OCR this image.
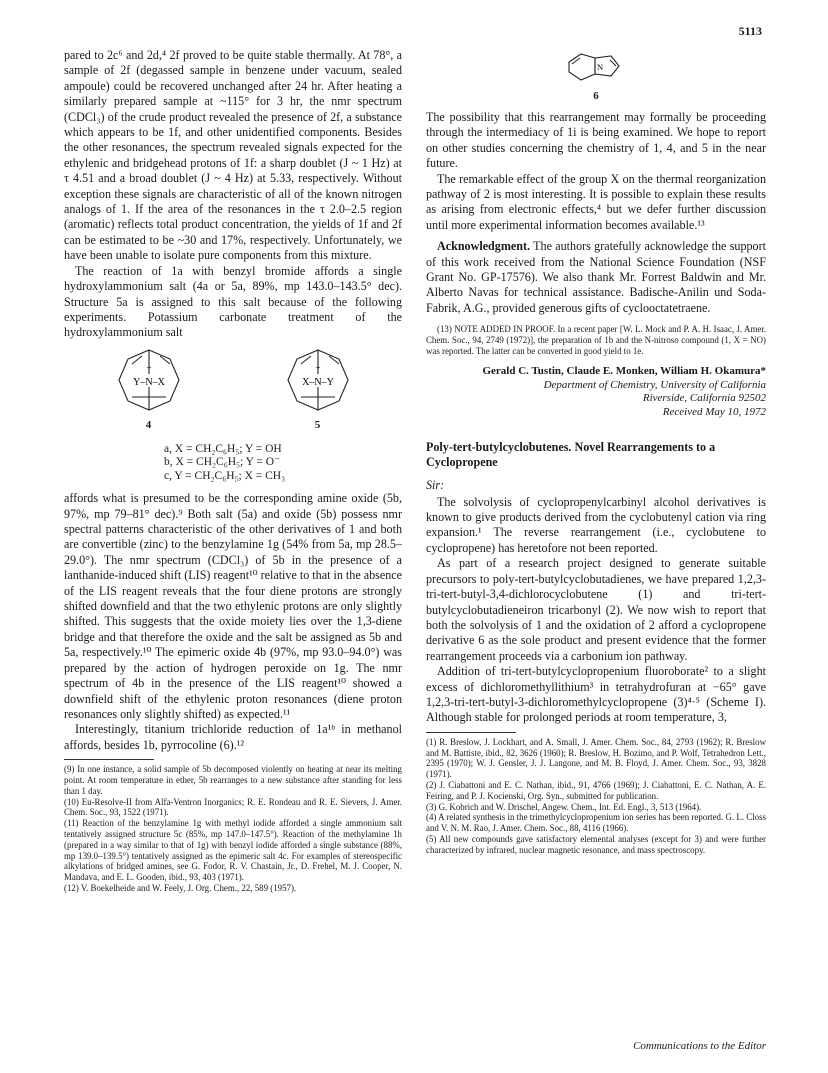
5113

pared to 2c⁶ and 2d,⁴ 2f proved to be quite stable thermally. At 78°, a sample of 2f (degassed sample in benzene under vacuum, sealed ampoule) could be recovered unchanged after 24 hr. After heating a similarly prepared sample at ~115° for 3 hr, the nmr spectrum (CDCl₃) of the crude product revealed the presence of 2f, a substance which appears to be 1f, and other unidentified components. Besides the other resonances, the spectrum revealed signals expected for the ethylenic and bridgehead protons of 1f: a sharp doublet (J ~ 1 Hz) at τ 4.51 and a broad doublet (J ~ 4 Hz) at 5.33, respectively. Without exception these signals are characteristic of all of the known nitrogen analogs of 1. If the area of the resonances in the τ 2.0–2.5 region (aromatic) reflects total product concentration, the yields of 1f and 2f can be estimated to be ~30 and 17%, respectively. Unfortunately, we have been unable to isolate pure components from this mixture.

The reaction of 1a with benzyl bromide affords a single hydroxylammonium salt (4a or 5a, 89%, mp 143.0–143.5° dec). Structure 5a is assigned to this salt because of the following experiments. Potassium carbonate treatment of the hydroxylammonium salt

+
Y–N–X
4
+
X–N–Y
5
a, X = CH₂C₆H₅; Y = OH
b, X = CH₂C₆H₅; Y = O⁻
c, Y = CH₂C₆H₅; X = CH₃

affords what is presumed to be the corresponding amine oxide (5b, 97%, mp 79–81° dec).⁹ Both salt (5a) and oxide (5b) possess nmr spectral patterns characteristic of the other derivatives of 1 and both are convertible (zinc) to the benzylamine 1g (54% from 5a, mp 28.5–29.0°). The nmr spectrum (CDCl₃) of 5b in the presence of a lanthanide-induced shift (LIS) reagent¹⁰ relative to that in the absence of the LIS reagent reveals that the four diene protons are strongly shifted downfield and that the two ethylenic protons are only slightly shifted. This suggests that the oxide moiety lies over the 1,3-diene bridge and that therefore the oxide and the salt be assigned as 5b and 5a, respectively.¹⁰ The epimeric oxide 4b (97%, mp 93.0–94.0°) was prepared by the action of hydrogen peroxide on 1g. The nmr spectrum of 4b in the presence of the LIS reagent¹⁰ showed a downfield shift of the ethylenic proton resonances (diene proton resonances only slightly shifted) as expected.¹¹

Interestingly, titanium trichloride reduction of 1a¹ᵇ in methanol affords, besides 1b, pyrrocoline (6).¹²

(9) In one instance, a solid sample of 5b decomposed violently on heating at near its melting point. At room temperature in ether, 5b rearranges to a new substance after standing for less than 1 day.

(10) Eu-Resolve-II from Alfa-Ventron Inorganics; R. E. Rondeau and R. E. Sievers, J. Amer. Chem. Soc., 93, 1522 (1971).

(11) Reaction of the benzylamine 1g with methyl iodide afforded a single ammonium salt tentatively assigned structure 5c (85%, mp 147.0–147.5°). Reaction of the methylamine 1h (prepared in a way similar to that of 1g) with benzyl iodide afforded a single substance (88%, mp 139.0–139.5°) tentatively assigned as the epimeric salt 4c. For examples of stereospecific alkylations of bridged amines, see G. Fodor, R. V. Chastain, Jr., D. Frehel, M. J. Cooper, N. Mandava, and E. L. Gooden, ibid., 93, 403 (1971).

(12) V. Boekelheide and W. Feely, J. Org. Chem., 22, 589 (1957).

N
6

The possibility that this rearrangement may formally be proceeding through the intermediacy of 1i is being examined. We hope to report on other studies concerning the chemistry of 1, 4, and 5 in the near future.

The remarkable effect of the group X on the thermal reorganization pathway of 2 is most interesting. It is possible to explain these results as arising from electronic effects,⁴ but we defer further discussion until more experimental information becomes available.¹³

Acknowledgment. The authors gratefully acknowledge the support of this work received from the National Science Foundation (NSF Grant No. GP-17576). We also thank Mr. Forrest Baldwin and Mr. Alberto Navas for technical assistance. Badische-Anilin und Soda-Fabrik, A.G., provided generous gifts of cyclooctatetraene.

(13) NOTE ADDED IN PROOF. In a recent paper [W. L. Mock and P. A. H. Isaac, J. Amer. Chem. Soc., 94, 2749 (1972)], the preparation of 1b and the N-nitroso compound (1, X = NO) was reported. The latter can be converted in good yield to 1e.

Gerald C. Tustin, Claude E. Monken, William H. Okamura*
Department of Chemistry, University of California
Riverside, California 92502
Received May 10, 1972
Poly-tert-butylcyclobutenes. Novel Rearrangements to a Cyclopropene
Sir:

The solvolysis of cyclopropenylcarbinyl alcohol derivatives is known to give products derived from the cyclobutenyl cation via ring expansion.¹ The reverse rearrangement (i.e., cyclobutene to cyclopropene) has heretofore not been reported.

As part of a research project designed to generate suitable precursors to poly-tert-butylcyclobutadienes, we have prepared 1,2,3-tri-tert-butyl-3,4-dichlorocyclobutene (1) and tri-tert-butylcyclobutadieneiron tricarbonyl (2). We now wish to report that both the solvolysis of 1 and the oxidation of 2 afford a cyclopropene derivative 6 as the sole product and present evidence that the former rearrangement proceeds via a carbonium ion pathway.

Addition of tri-tert-butylcyclopropenium fluoroborate² to a slight excess of dichloromethyllithium³ in tetrahydrofuran at −65° gave 1,2,3-tri-tert-butyl-3-dichloromethylcyclopropene (3)⁴·⁵ (Scheme I). Although stable for prolonged periods at room temperature, 3,

(1) R. Breslow, J. Lockhart, and A. Small, J. Amer. Chem. Soc., 84, 2793 (1962); R. Breslow and M. Battiste, ibid., 82, 3626 (1960); R. Breslow, H. Bozimo, and P. Wolf, Tetrahedron Lett., 2395 (1970); W. J. Gensler, J. J. Langone, and M. B. Floyd, J. Amer. Chem. Soc., 93, 3828 (1971).

(2) J. Ciabattoni and E. C. Nathan, ibid., 91, 4766 (1969); J. Ciabattoni, E. C. Nathan, A. E. Feiring, and P. J. Kocienski, Org. Syn., submitted for publication.

(3) G. Kobrich and W. Drischel, Angew. Chem., Int. Ed. Engl., 3, 513 (1964).

(4) A related synthesis in the trimethylcyclopropenium ion series has been reported. G. L. Closs and V. N. M. Rao, J. Amer. Chem. Soc., 88, 4116 (1966).

(5) All new compounds gave satisfactory elemental analyses (except for 3) and were further characterized by infrared, nuclear magnetic resonance, and mass spectroscopy.

Communications to the Editor
